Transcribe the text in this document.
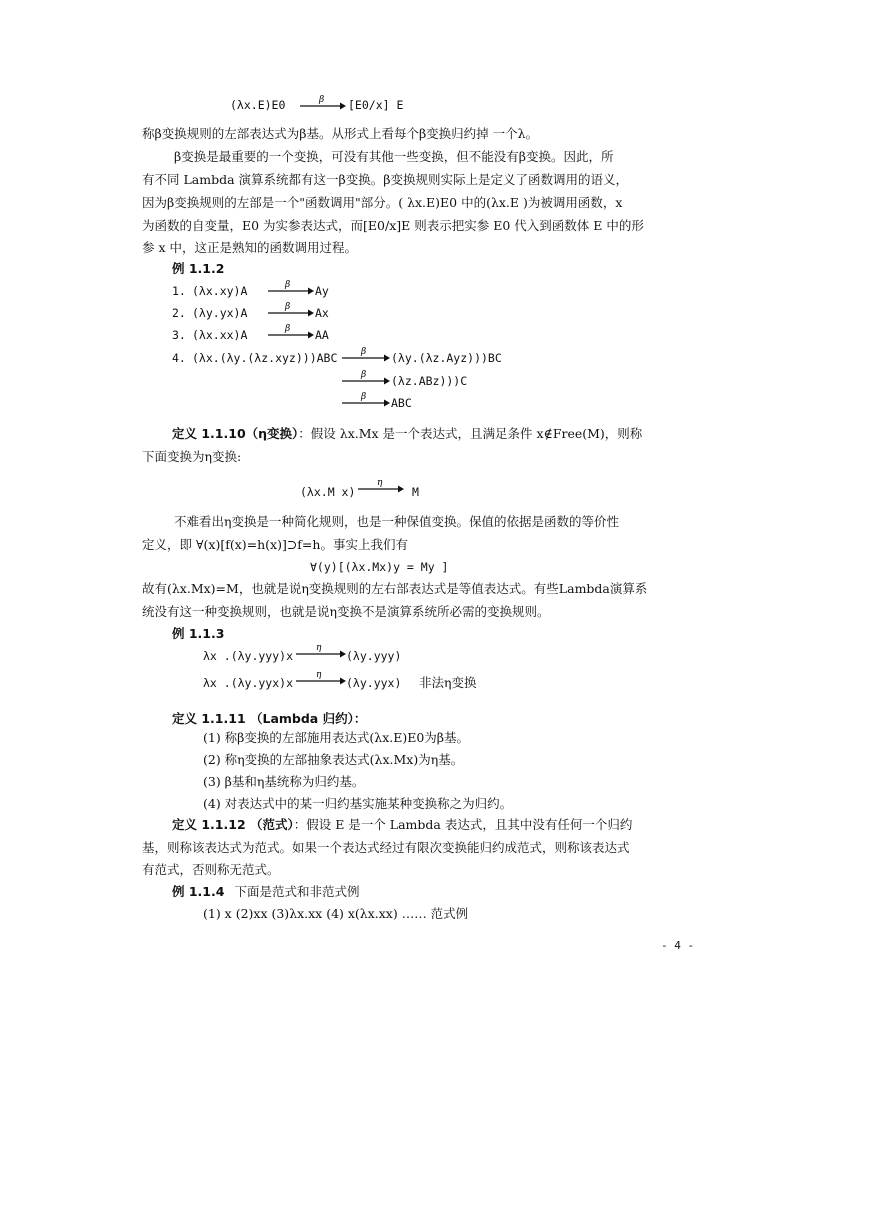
(λx.E)E0	β [E0/x] E
称β变换规则的左部表达式为β基。从形式上看每个β变换归约掉 一个λ。
β变换是最重要的一个变换，可没有其他一些变换，但不能没有β变换。因此，所
有不同 Lambda 演算系统都有这一β变换。β变换规则实际上是定义了函数调用的语义，
因为β变换规则的左部是一个"函数调用"部分。( λx.E)E0 中的(λx.E )为被调用函数，x
为函数的自变量，E0 为实参表达式，而[E0/x]E 则表示把实参 E0 代入到函数体 E 中的形
参 x 中，这正是熟知的函数调用过程。
例 1.1.2
1. (λx.xy)A	β Ay
2. (λy.yx)A	β Ax
3. (λx.xx)A	β AA
4. (λx.(λy.(λz.xyz)))ABC	β (λy.(λz.Ayz)))BC
β (λz.ABz)))C
β ABC
定义 1.1.10（η变换）：假设 λx.Mx 是一个表达式，且满足条件 x∉Free(M)，则称
下面变换为η变换:
(λx.M x)
η
M
不难看出η变换是一种简化规则，也是一种保值变换。保值的依据是函数的等价性
定义，即 ∀(x)[f(x)=h(x)]⊃f=h。事实上我们有
∀(y)[(λx.Mx)y = My ]
故有(λx.Mx)=M，也就是说η变换规则的左右部表达式是等值表达式。有些Lambda演算系
统没有这一种变换规则，也就是说η变换不是演算系统所必需的变换规则。
例 1.1.3
λx .(λy.yyy)x
η
(λy.yyy)
λx .(λy.yyx)x
η
(λy.yyx) 非法η变换
定义 1.1.11 （Lambda 归约）：
(1) 称β变换的左部施用表达式(λx.E)E0为β基。
(2) 称η变换的左部抽象表达式(λx.Mx)为η基。
(3) β基和η基统称为归约基。
(4) 对表达式中的某一归约基实施某种变换称之为归约。
定义 1.1.12 （范式）：假设 E 是一个 Lambda 表达式，且其中没有任何一个归约
基，则称该表达式为范式。如果一个表达式经过有限次变换能归约成范式，则称该表达式
有范式，否则称无范式。
例 1.1.4 下面是范式和非范式例
(1) x (2)xx (3)λx.xx (4) x(λx.xx) …… 范式例
- 4 -
